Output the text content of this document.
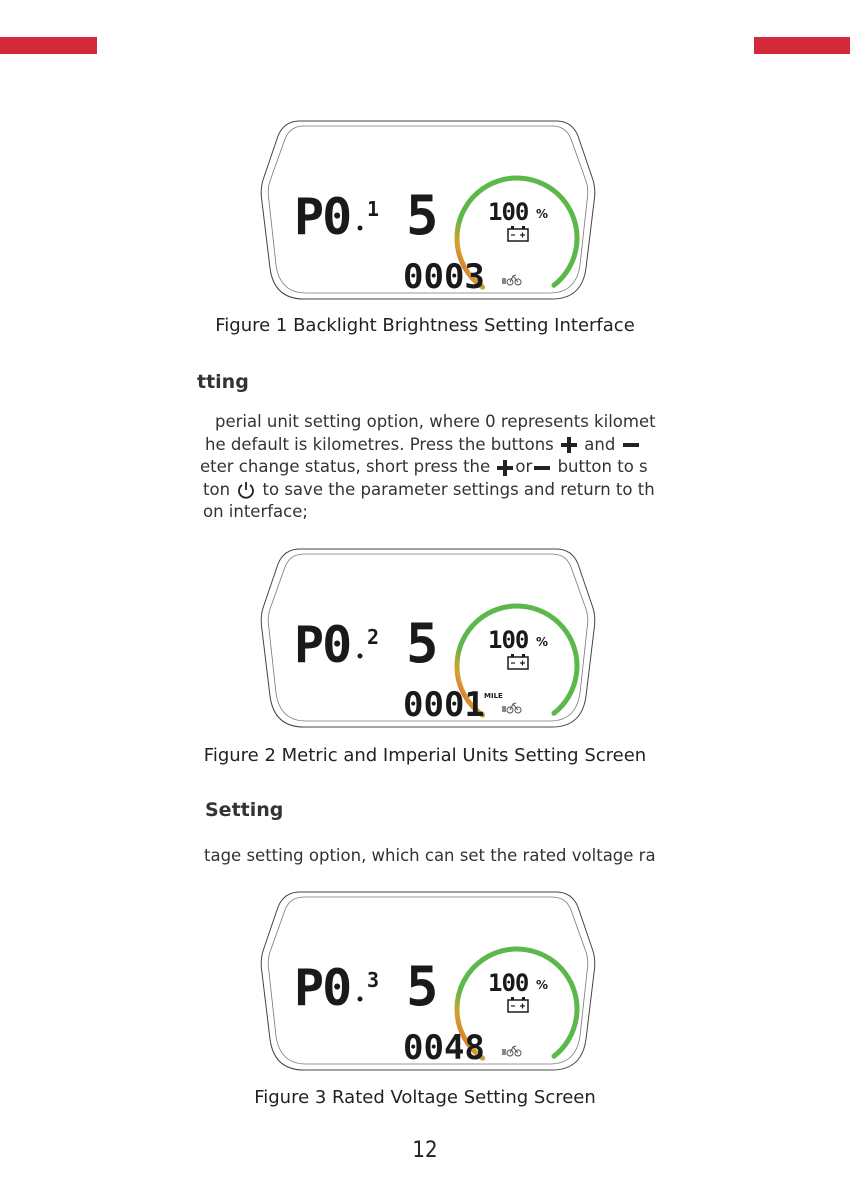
P0 1 5 100 %
0003
Figure 1 Backlight Brightness Setting Interface
tting
perial unit setting option, where 0 represents kilomet
he default is kilometres. Press the buttons and
eter change status, short press the or button to s
ton to save the parameter settings and return to th
on interface;
P0 2 5 100 %
0001 MILE
Figure 2 Metric and Imperial Units Setting Screen
Setting
tage setting option, which can set the rated voltage ra
P0 3 5 100 %
0048
Figure 3 Rated Voltage Setting Screen
12
